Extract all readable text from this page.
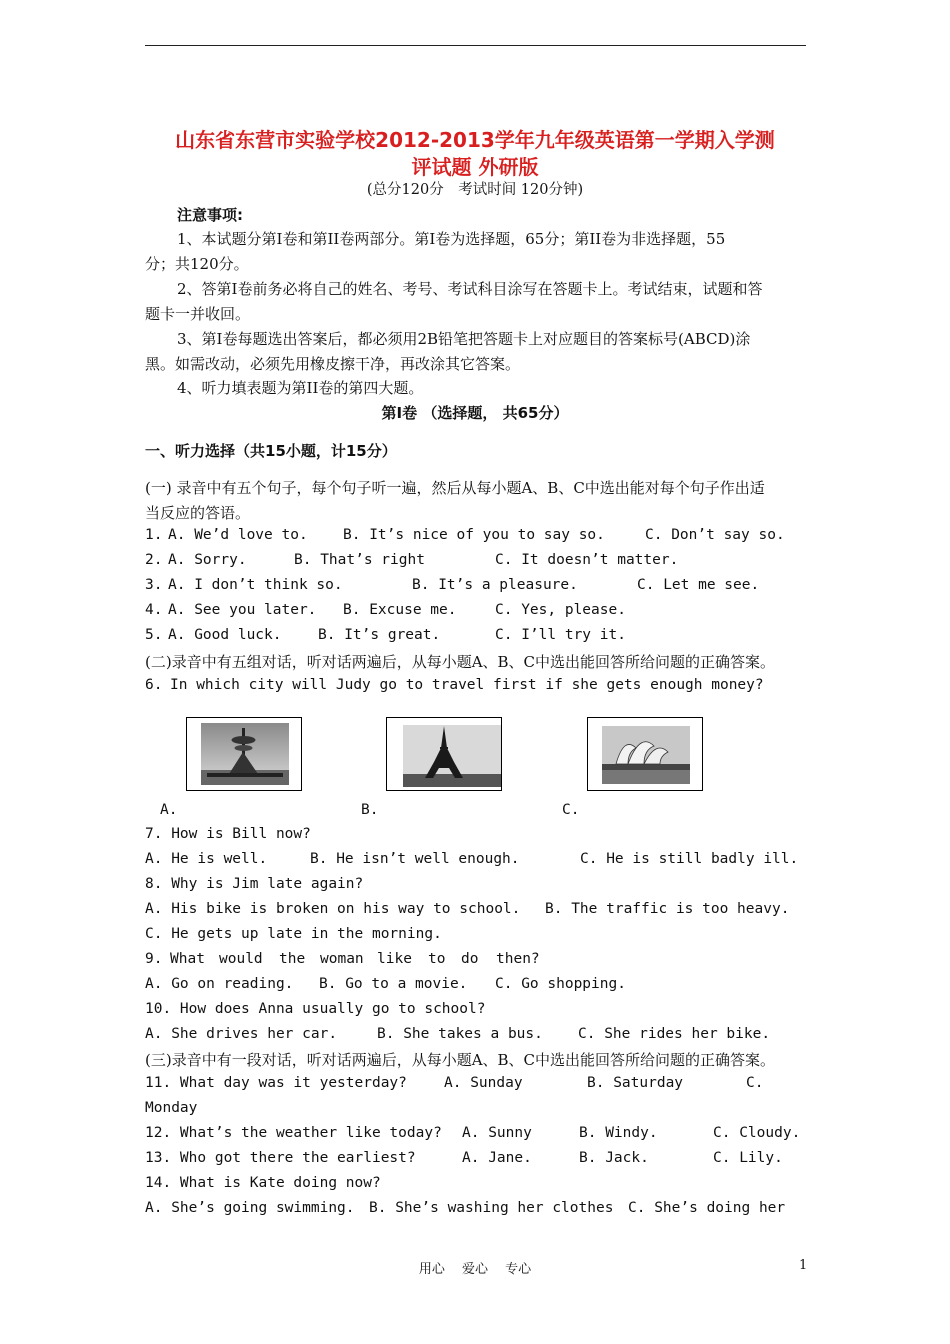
山东省东营市实验学校2012-2013学年九年级英语第一学期入学测
评试题 外研版
(总分120分　考试时间 120分钟)
注意事项:
1、本试题分第Ⅰ卷和第II卷两部分。第Ⅰ卷为选择题，65分；第II卷为非选择题，55
分；共120分。
2、答第Ⅰ卷前务必将自己的姓名、考号、考试科目涂写在答题卡上。考试结束，试题和答
题卡一并收回。
3、第Ⅰ卷每题选出答案后，都必须用2B铅笔把答题卡上对应题目的答案标号(ABCD)涂
黑。如需改动，必须先用橡皮擦干净，再改涂其它答案。
4、听力填表题为第II卷的第四大题。
第Ⅰ卷 （选择题， 共65分）
一、听力选择（共15小题，计15分）
(一) 录音中有五个句子，每个句子听一遍，然后从每小题A、B、C中选出能对每个句子作出适
当反应的答语。
1. A. We’d love to. B. It’s nice of you to say so.	C. Don’t say so.
2. A. Sorry.	B. That’s right	C. It doesn’t matter.
3. A. I don’t think so.	B. It’s a pleasure.	C. Let me see.
4. A. See you later. B. Excuse me.	C. Yes, please.
5. A. Good luck.	B. It’s great.	C. I’ll try it.
(二)录音中有五组对话，听对话两遍后，从每小题A、B、C中选出能回答所给问题的正确答案。
6. In which city will Judy go to travel first if she gets enough money?
A.	B.	C.
7. How is Bill now?
A. He is well.	B. He isn’t well enough.	C. He is still badly ill.
8. Why is Jim late again?
A. His bike is broken on his way to school. B. The traffic is too heavy.
C. He gets up late in the morning.
9. What would the woman like to do then?
A. Go on reading. B. Go to a movie. C. Go shopping.
10. How does Anna usually go to school?
A. She drives her car.	B. She takes a bus. C. She rides her bike.
(三)录音中有一段对话，听对话两遍后，从每小题A、B、C中选出能回答所给问题的正确答案。
11. What day was it yesterday?	A. Sunday	B. Saturday	C.
Monday
12. What’s the weather like today? A. Sunny	B. Windy.	C. Cloudy.
13. Who got there the earliest?	A. Jane.	B. Jack.	C. Lily.
14. What is Kate doing now?
A. She’s going swimming. B. She’s washing her clothes C. She’s doing her
用心　 爱心　 专心	1
